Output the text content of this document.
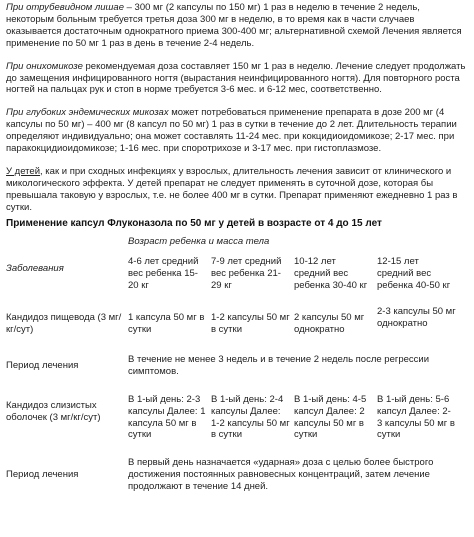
При отрубевидном лишае – 300 мг (2 капсулы по 150 мг) 1 раз в неделю в течение 2 недель, некоторым больным требуется третья доза 300 мг в неделю, в то время как в части случаев оказывается достаточным однократного приема 300-400 мг; альтернативной схемой Лечения является применение по 50 мг 1 раз в день в течение 2-4 недель.

При онихомикозе рекомендуемая доза составляет 150 мг 1 раз в неделю. Лечение следует продолжать до замещения инфицированного ногтя (вырастания неинфицированного ногтя). Для повторного роста ногтей на пальцах рук и стоп в норме требуется 3-6 мес. и 6-12 мес, соответственно.

При глубоких эндемических микозах может потребоваться применение препарата в дозе 200 мг (4 капсулы по 50 мг) – 400 мг (8 капсул по 50 мг) 1 раз в сутки в течение до 2 лет. Длительность терапии определяют индивидуально; она может составлять 11-24 мес. при кокцидиоидомикозе; 2-17 мес. при паракокцидиоидомикозе; 1-16 мес. при споротрихозе и 3-17 мес. при гистоплазмозе.

У детей, как и при сходных инфекциях у взрослых, длительность лечения зависит от клинического и микологического эффекта. У детей препарат не следует применять в суточной дозе, которая бы превышала таковую у взрослых, т.е. не более 400 мг в сутки. Препарат применяют ежедневно 1 раз в сутки.

Применение капсул Флуконазола по 50 мг у детей в возрасте от 4 до 15 лет

Возраст ребенка и масса тела
Заболевания
4-6 лет средний вес ребенка 15-20 кг
7-9 лет средний вес ребенка 21-29 кг
10-12 лет средний вес ребенка 30-40 кг
12-15 лет средний вес ребенка 40-50 кг
Кандидоз пищевода (3 мг/кг/сут)
1 капсула 50 мг в сутки
1-2 капсулы 50 мг в сутки
2 капсулы 50 мг однократно
2-3 капсулы 50 мг однократно
Период лечения
В течение не менее 3 недель и в течение 2 недель после регрессии симптомов.
Кандидоз слизистых оболочек (3 мг/кг/сут)
В 1-ый день: 2-3 капсулы Далее: 1 капсула 50 мг в сутки
В 1-ый день: 2-4 капсулы Далее: 1-2 капсулы 50 мг в сутки
В 1-ый день: 4-5 капсул Далее: 2 капсулы 50 мг в сутки
В 1-ый день: 5-6 капсул Далее: 2-3 капсулы 50 мг в сутки
Период лечения
В первый день назначается «ударная» доза с целью более быстрого достижения постоянных равновесных концентраций, затем лечение продолжают в течение 14 дней.
